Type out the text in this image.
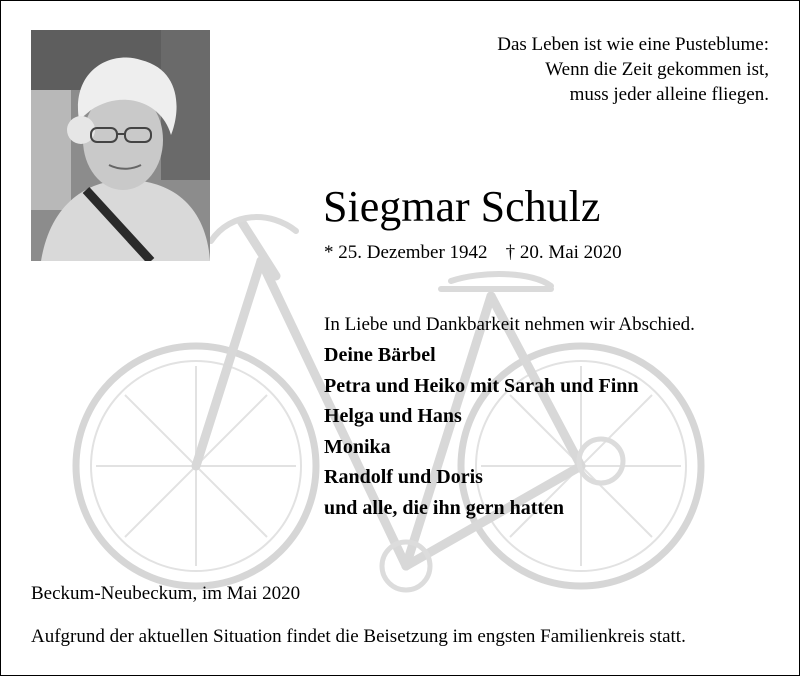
Das Leben ist wie eine Pusteblume:
Wenn die Zeit gekommen ist,
muss jeder alleine fliegen.
Siegmar Schulz
* 25. Dezember 1942 † 20. Mai 2020
In Liebe und Dankbarkeit nehmen wir Abschied.
Deine Bärbel
Petra und Heiko mit Sarah und Finn
Helga und Hans
Monika
Randolf und Doris
und alle, die ihn gern hatten
Beckum-Neubeckum, im Mai 2020
Aufgrund der aktuellen Situation findet die Beisetzung im engsten Familienkreis statt.
